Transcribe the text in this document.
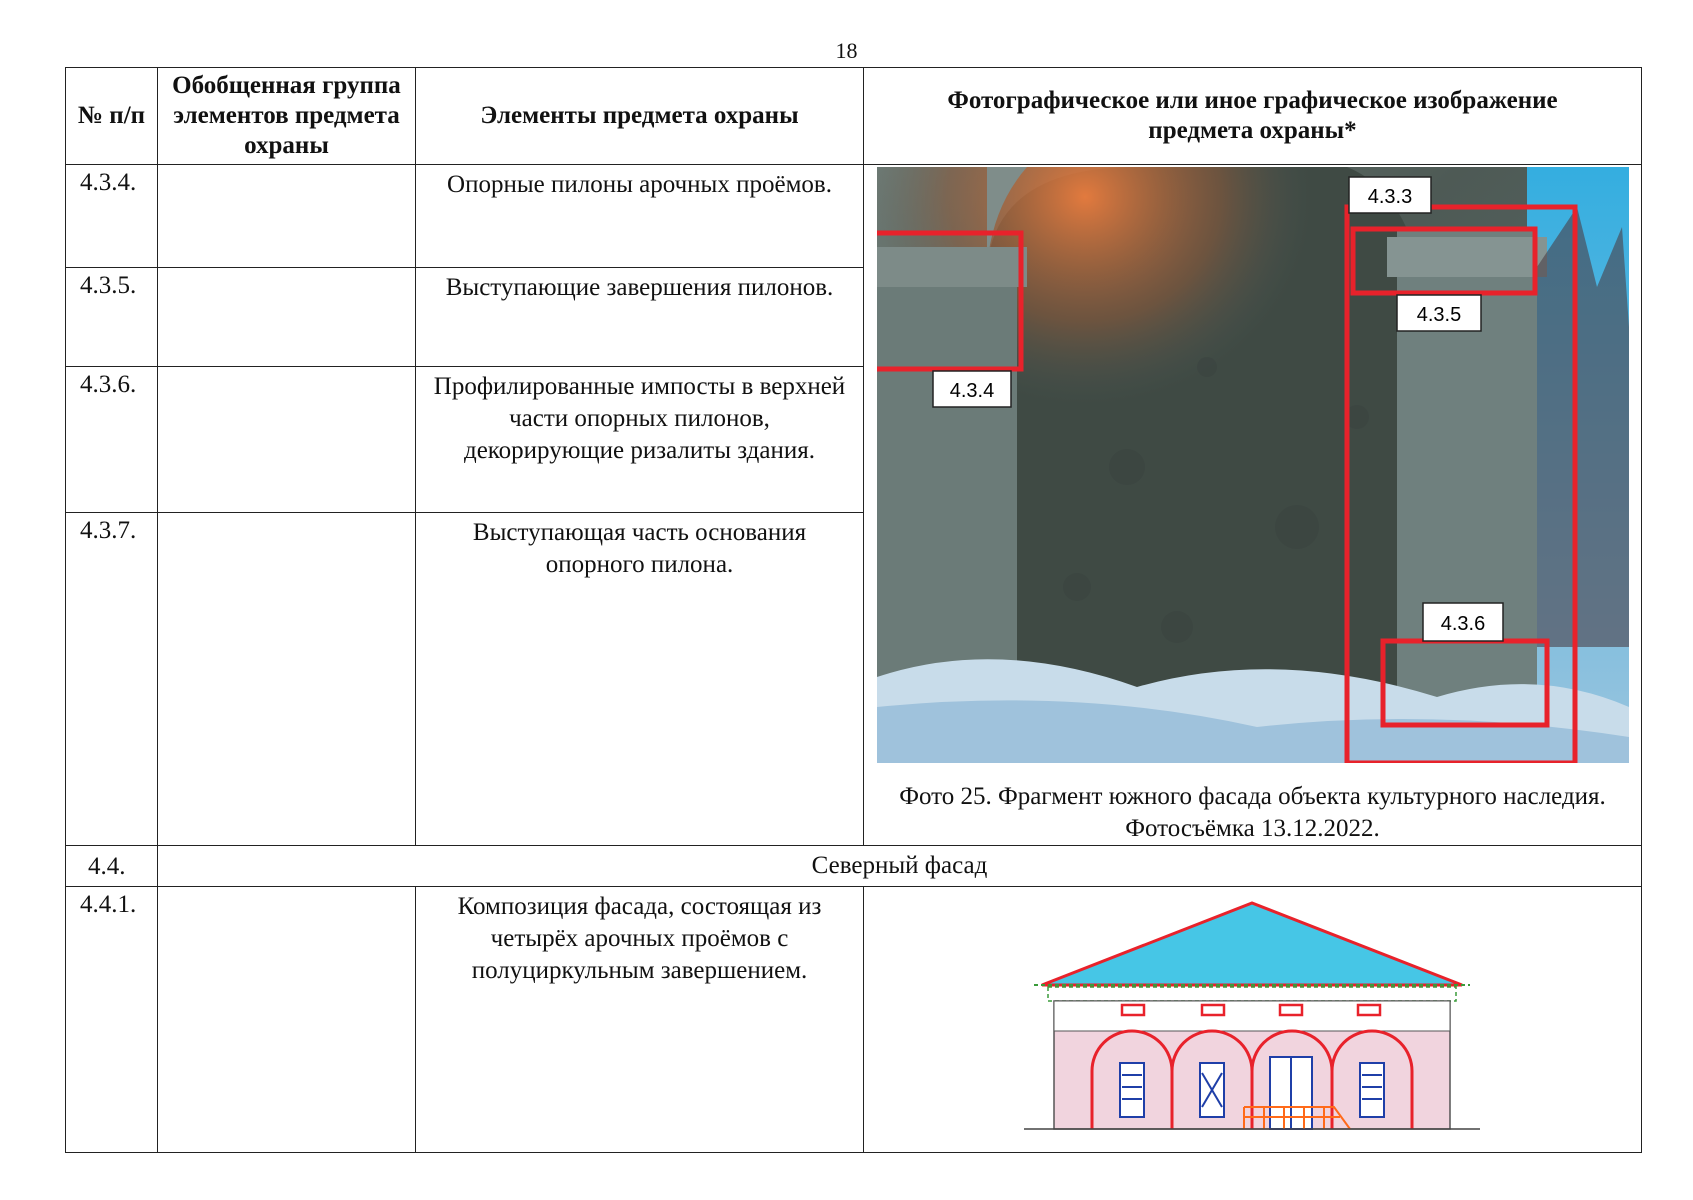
18
№ п/п	Обобщенная группа элементов предмета охраны	Элементы предмета охраны	Фотографическое или иное графическое изображение предмета охраны*
4.3.4.		Опорные пилоны арочных проёмов.	4.3.3
4.3.4
4.3.5
4.3.6
Фото 25. Фрагмент южного фасада объекта культурного наследия. Фотосъёмка 13.12.2022.

4.3.5.		Выступающие завершения пилонов.	
4.3.6.		Профилированные импосты в верхней части опорных пилонов, декорирующие ризалиты здания.	
4.3.7.		Выступающая часть основания опорного пилона.	
4.4.	Северный фасад		
4.4.1.		Композиция фасада, состоящая из четырёх арочных проёмов с полуциркульным завершением.	
